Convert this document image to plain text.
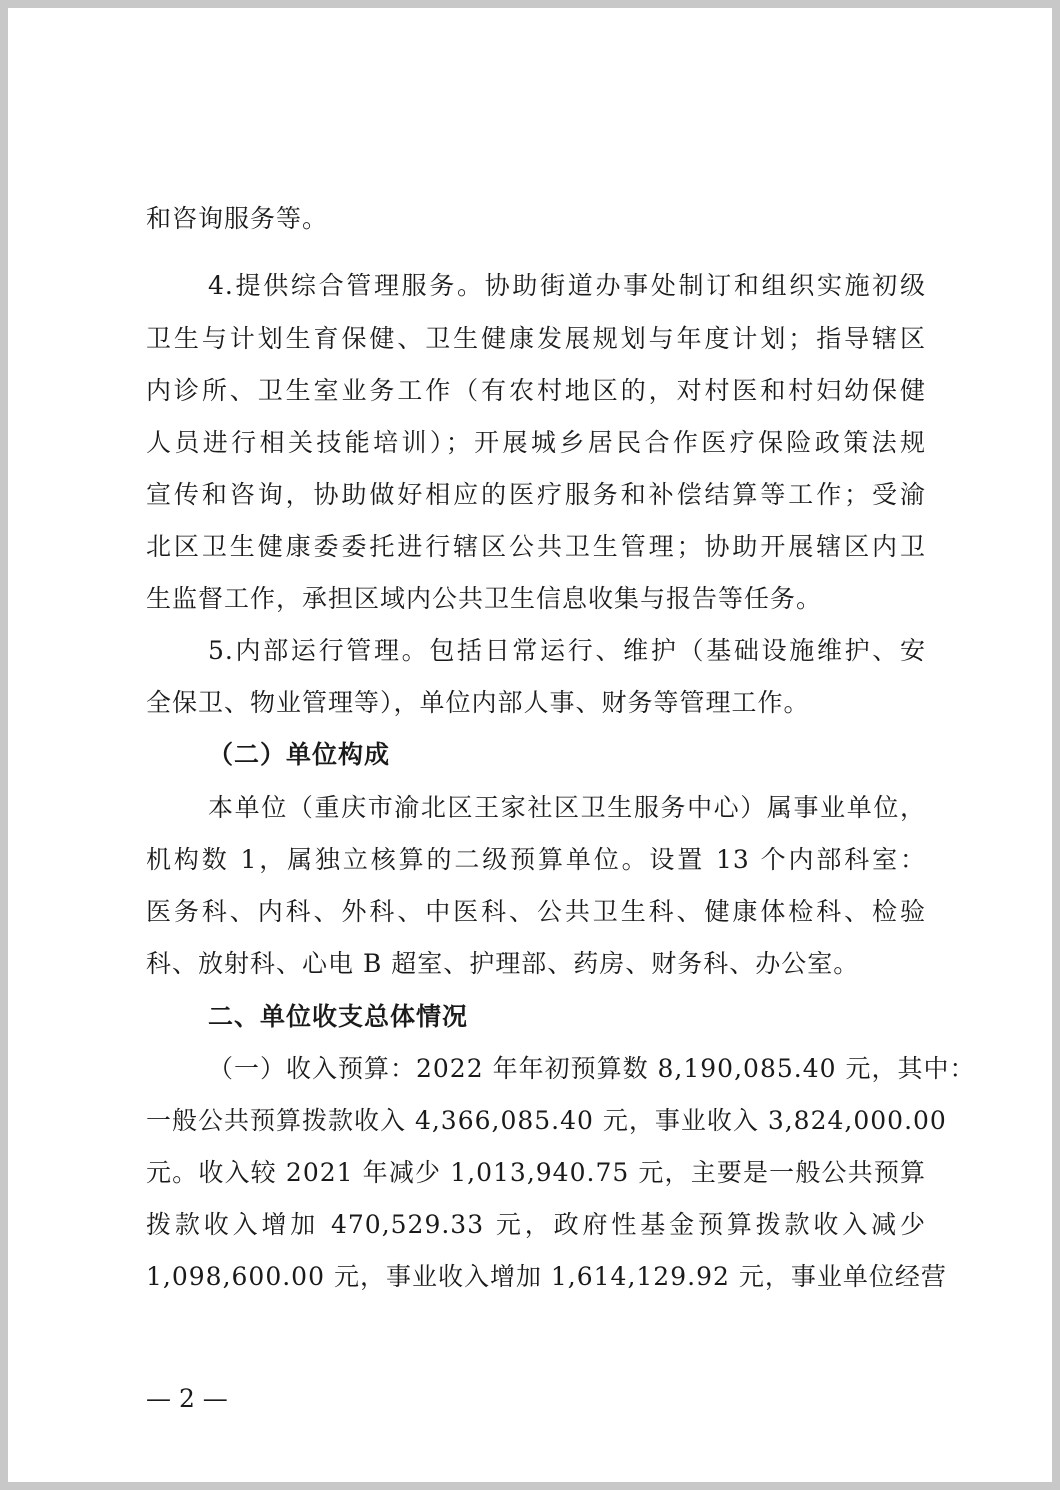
和咨询服务等。
4.提供综合管理服务。协助街道办事处制订和组织实施初级
卫生与计划生育保健、卫生健康发展规划与年度计划；指导辖区
内诊所、卫生室业务工作（有农村地区的，对村医和村妇幼保健
人员进行相关技能培训）；开展城乡居民合作医疗保险政策法规
宣传和咨询，协助做好相应的医疗服务和补偿结算等工作；受渝
北区卫生健康委委托进行辖区公共卫生管理；协助开展辖区内卫
生监督工作，承担区域内公共卫生信息收集与报告等任务。
5.内部运行管理。包括日常运行、维护（基础设施维护、安
全保卫、物业管理等），单位内部人事、财务等管理工作。
（二）单位构成
本单位（重庆市渝北区王家社区卫生服务中心）属事业单位，
机构数 1，属独立核算的二级预算单位。设置 13 个内部科室：
医务科、内科、外科、中医科、公共卫生科、健康体检科、检验
科、放射科、心电 B 超室、护理部、药房、财务科、办公室。
二、单位收支总体情况
（一）收入预算：2022 年年初预算数 8,190,085.40 元，其中：
一般公共预算拨款收入 4,366,085.40 元，事业收入 3,824,000.00
元。收入较 2021 年减少 1,013,940.75 元，主要是一般公共预算
拨款收入增加 470,529.33 元，政府性基金预算拨款收入减少
1,098,600.00 元，事业收入增加 1,614,129.92 元，事业单位经营
— 2 —
